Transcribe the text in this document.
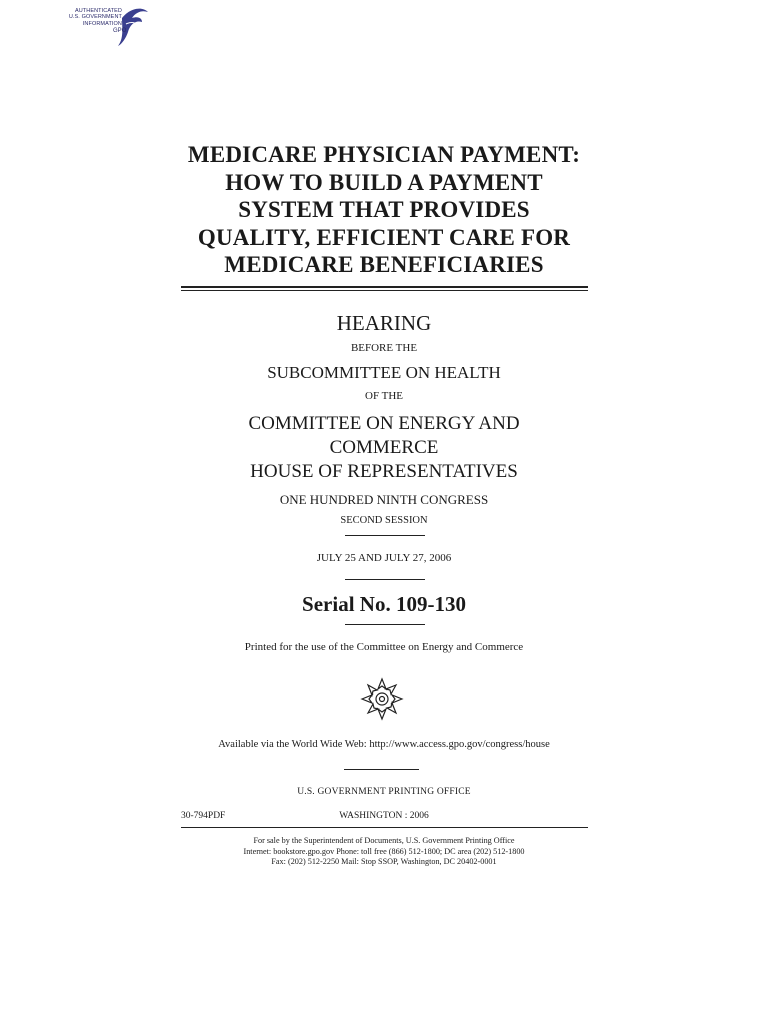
AUTHENTICATED
U.S. GOVERNMENT
INFORMATION
GPO
MEDICARE PHYSICIAN PAYMENT:
HOW TO BUILD A PAYMENT
SYSTEM THAT PROVIDES
QUALITY, EFFICIENT CARE FOR
MEDICARE BENEFICIARIES
HEARING
BEFORE THE
SUBCOMMITTEE ON HEALTH
OF THE
COMMITTEE ON ENERGY AND
COMMERCE
HOUSE OF REPRESENTATIVES
ONE HUNDRED NINTH CONGRESS
SECOND SESSION
JULY 25 AND JULY 27, 2006
Serial No. 109-130
Printed for the use of the Committee on Energy and Commerce
Available via the World Wide Web: http://www.access.gpo.gov/congress/house
U.S. GOVERNMENT PRINTING OFFICE
30-794PDF	WASHINGTON : 2006
For sale by the Superintendent of Documents, U.S. Government Printing Office
Internet: bookstore.gpo.gov Phone: toll free (866) 512-1800; DC area (202) 512-1800
Fax: (202) 512-2250 Mail: Stop SSOP, Washington, DC 20402-0001
